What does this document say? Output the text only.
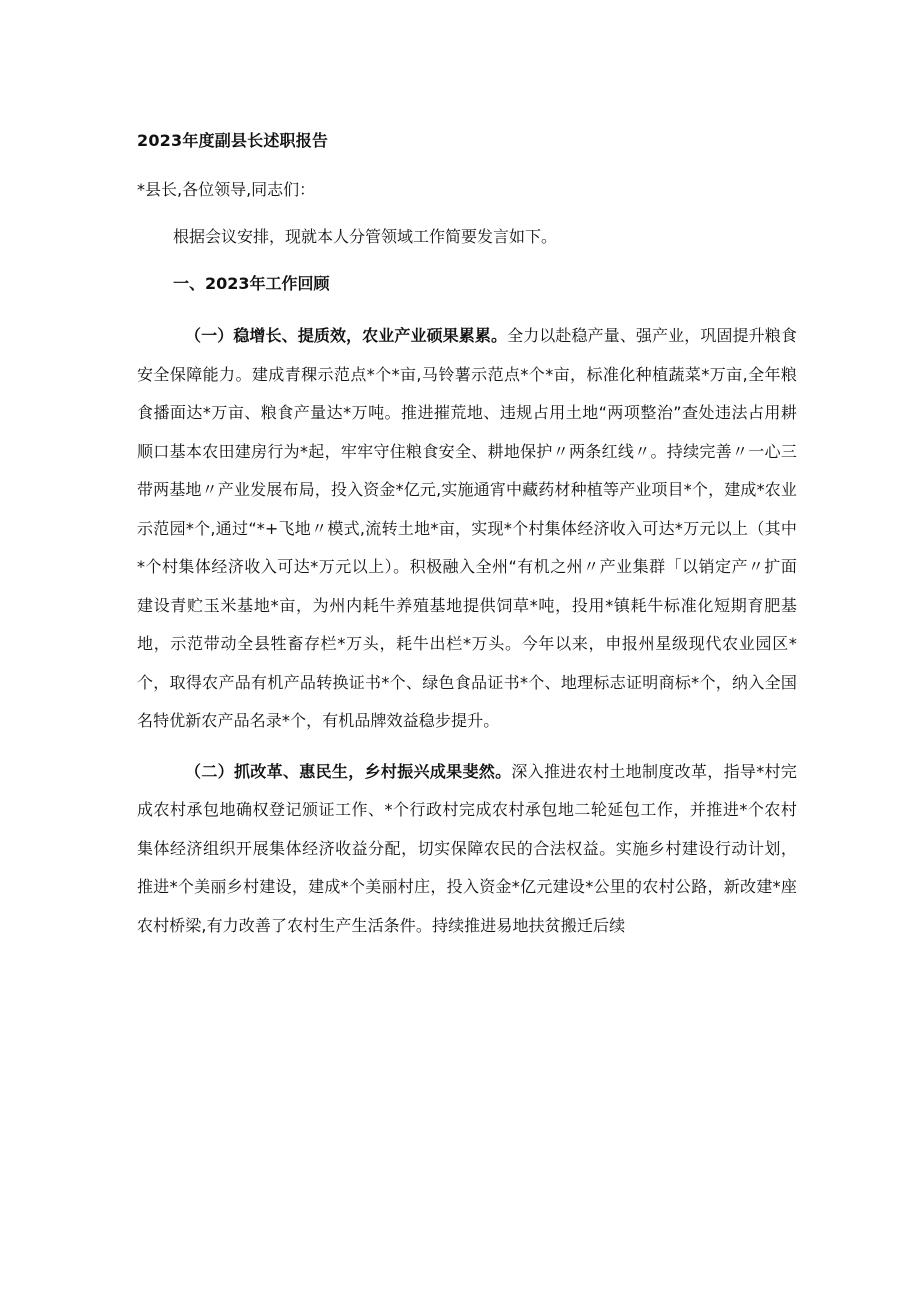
2023年度副县长述职报告

*县长,各位领导,同志们：

根据会议安排，现就本人分管领域工作简要发言如下。

一、2023年工作回顾

（一）稳增长、提质效，农业产业硕果累累。全力以赴稳产量、强产业，巩固提升粮食安全保障能力。建成青稞示范点*个*亩,马铃薯示范点*个*亩，标准化种植蔬菜*万亩,全年粮食播面达*万亩、粮食产量达*万吨。推进摧荒地、违规占用土地“两项整治”查处违法占用耕顺口基本农田建房行为*起，牢牢守住粮食安全、耕地保护〃两条红线〃。持续完善〃一心三带两基地〃产业发展布局，投入资金*亿元,实施通宵中藏药材种植等产业项目*个，建成*农业示范园*个,通过“*+飞地〃模式,流转土地*亩，实现*个村集体经济收入可达*万元以上（其中*个村集体经济收入可达*万元以上）。积极融入全州“有机之州〃产业集群「以销定产〃扩面建设青贮玉米基地*亩，为州内耗牛养殖基地提供饲草*吨，投用*镇耗牛标准化短期育肥基地，示范带动全县牲畜存栏*万头，耗牛出栏*万头。今年以来，申报州星级现代农业园区*个，取得农产品有机产品转换证书*个、绿色食品证书*个、地理标志证明商标*个，纳入全国名特优新农产品名录*个，有机品牌效益稳步提升。

（二）抓改革、惠民生，乡村振兴成果斐然。深入推进农村土地制度改革，指导*村完成农村承包地确权登记颁证工作、*个行政村完成农村承包地二轮延包工作，并推进*个农村集体经济组织开展集体经济收益分配，切实保障农民的合法权益。实施乡村建设行动计划，推进*个美丽乡村建设，建成*个美丽村庄，投入资金*亿元建设*公里的农村公路，新改建*座农村桥梁,有力改善了农村生产生活条件。持续推进易地扶贫搬迁后续
